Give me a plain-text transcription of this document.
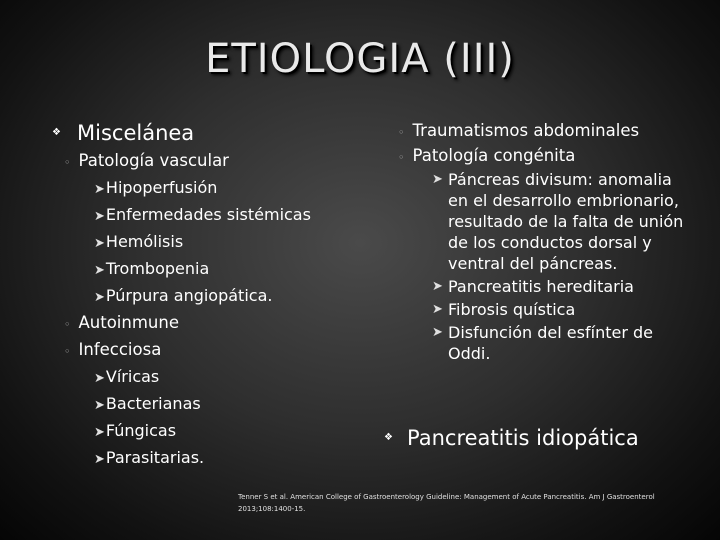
ETIOLOGIA (III)
❖ Miscelánea
◦ Patología vascular
➤Hipoperfusión
➤Enfermedades sistémicas
➤Hemólisis
➤Trombopenia
➤Púrpura angiopática.
◦ Autoinmune
◦ Infecciosa
➤Víricas
➤Bacterianas
➤Fúngicas
➤Parasitarias.
◦ Traumatismos abdominales
◦ Patología congénita
➤ Páncreas divisum: anomalia en el desarrollo embrionario, resultado de la falta de unión de los conductos dorsal y ventral del páncreas.
➤ Pancreatitis hereditaria
➤ Fibrosis quística
➤ Disfunción del esfínter de Oddi.
❖ Pancreatitis idiopática
Tenner S et al. American College of Gastroenterology Guideline: Management of Acute Pancreatitis. Am J Gastroenterol 2013;108:1400-15.
